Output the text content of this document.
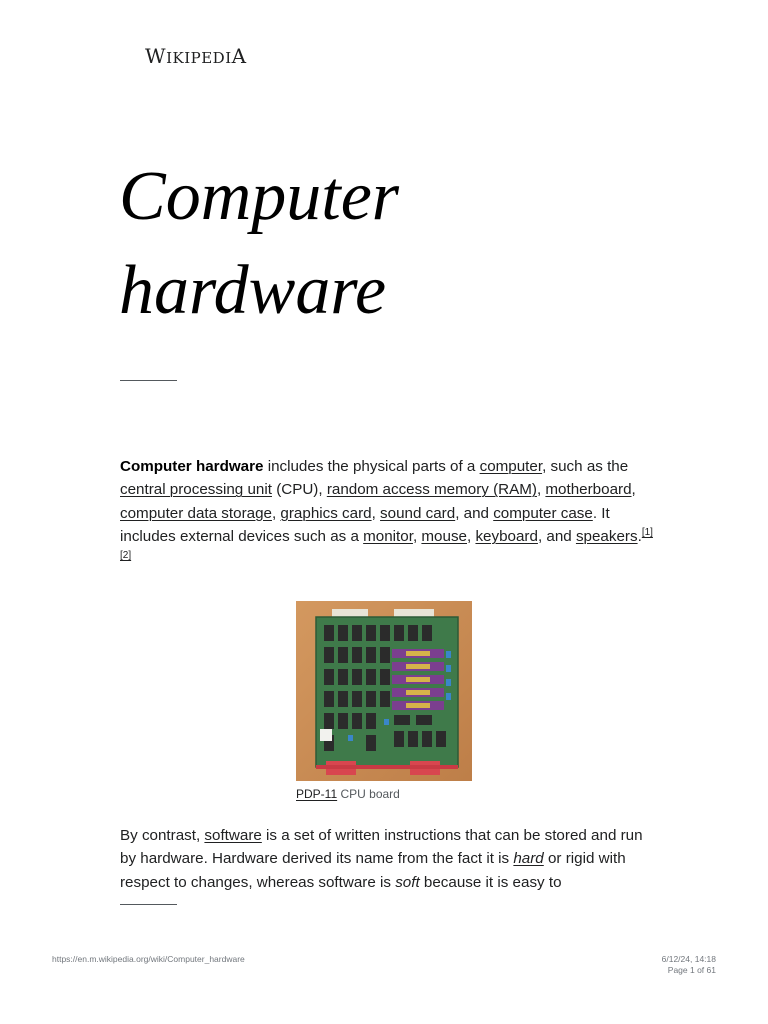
WIKIPEDIA
Computer
hardware

Computer hardware includes the physical parts of a computer, such as the central processing unit (CPU), random access memory (RAM), motherboard, computer data storage, graphics card, sound card, and computer case. It includes external devices such as a monitor, mouse, keyboard, and speakers.[1][2]

PDP-11 CPU board

By contrast, software is a set of written instructions that can be stored and run by hardware. Hardware derived its name from the fact it is hard or rigid with respect to changes, whereas software is soft because it is easy to

https://en.m.wikipedia.org/wiki/Computer_hardware	6/12/24, 14:18
Page 1 of 61
